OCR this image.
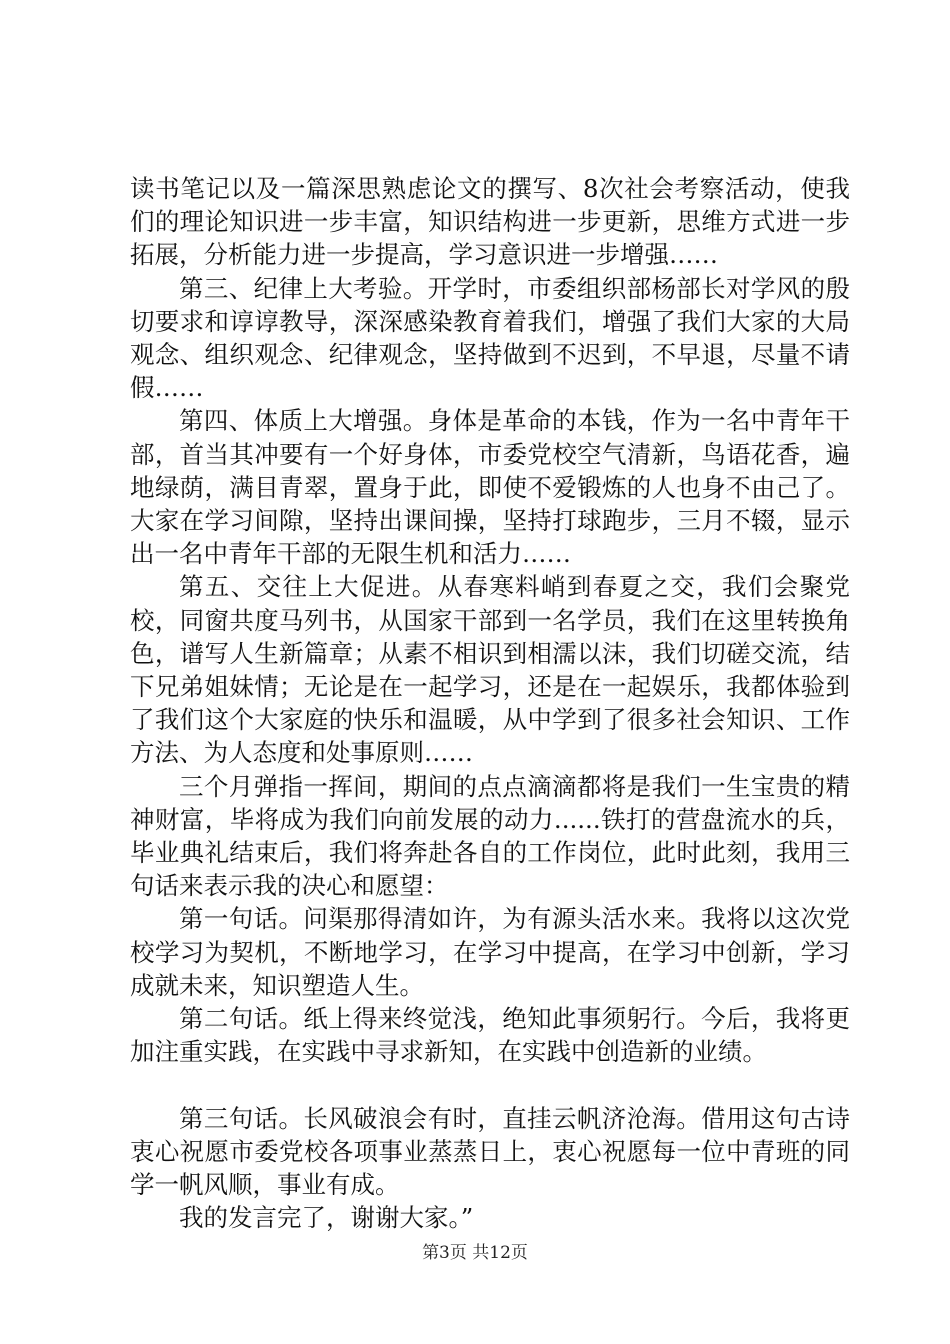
读书笔记以及一篇深思熟虑论文的撰写、8次社会考察活动，使我们的理论知识进一步丰富，知识结构进一步更新，思维方式进一步拓展，分析能力进一步提高，学习意识进一步增强……

第三、纪律上大考验。开学时，市委组织部杨部长对学风的殷切要求和谆谆教导，深深感染教育着我们，增强了我们大家的大局观念、组织观念、纪律观念，坚持做到不迟到，不早退，尽量不请假……

第四、体质上大增强。身体是革命的本钱，作为一名中青年干部，首当其冲要有一个好身体，市委党校空气清新，鸟语花香，遍地绿荫，满目青翠，置身于此，即使不爱锻炼的人也身不由己了。大家在学习间隙，坚持出课间操，坚持打球跑步，三月不辍，显示出一名中青年干部的无限生机和活力……

第五、交往上大促进。从春寒料峭到春夏之交，我们会聚党校，同窗共度马列书，从国家干部到一名学员，我们在这里转换角色，谱写人生新篇章；从素不相识到相濡以沫，我们切磋交流，结下兄弟姐妹情；无论是在一起学习，还是在一起娱乐，我都体验到了我们这个大家庭的快乐和温暖，从中学到了很多社会知识、工作方法、为人态度和处事原则……

三个月弹指一挥间，期间的点点滴滴都将是我们一生宝贵的精神财富，毕将成为我们向前发展的动力......铁打的营盘流水的兵，毕业典礼结束后，我们将奔赴各自的工作岗位，此时此刻，我用三句话来表示我的决心和愿望：

第一句话。问渠那得清如许，为有源头活水来。我将以这次党校学习为契机，不断地学习，在学习中提高，在学习中创新，学习成就未来，知识塑造人生。

第二句话。纸上得来终觉浅，绝知此事须躬行。今后，我将更加注重实践，在实践中寻求新知，在实践中创造新的业绩。

第三句话。长风破浪会有时，直挂云帆济沧海。借用这句古诗衷心祝愿市委党校各项事业蒸蒸日上，衷心祝愿每一位中青班的同学一帆风顺，事业有成。

我的发言完了，谢谢大家。”

第3页 共12页
